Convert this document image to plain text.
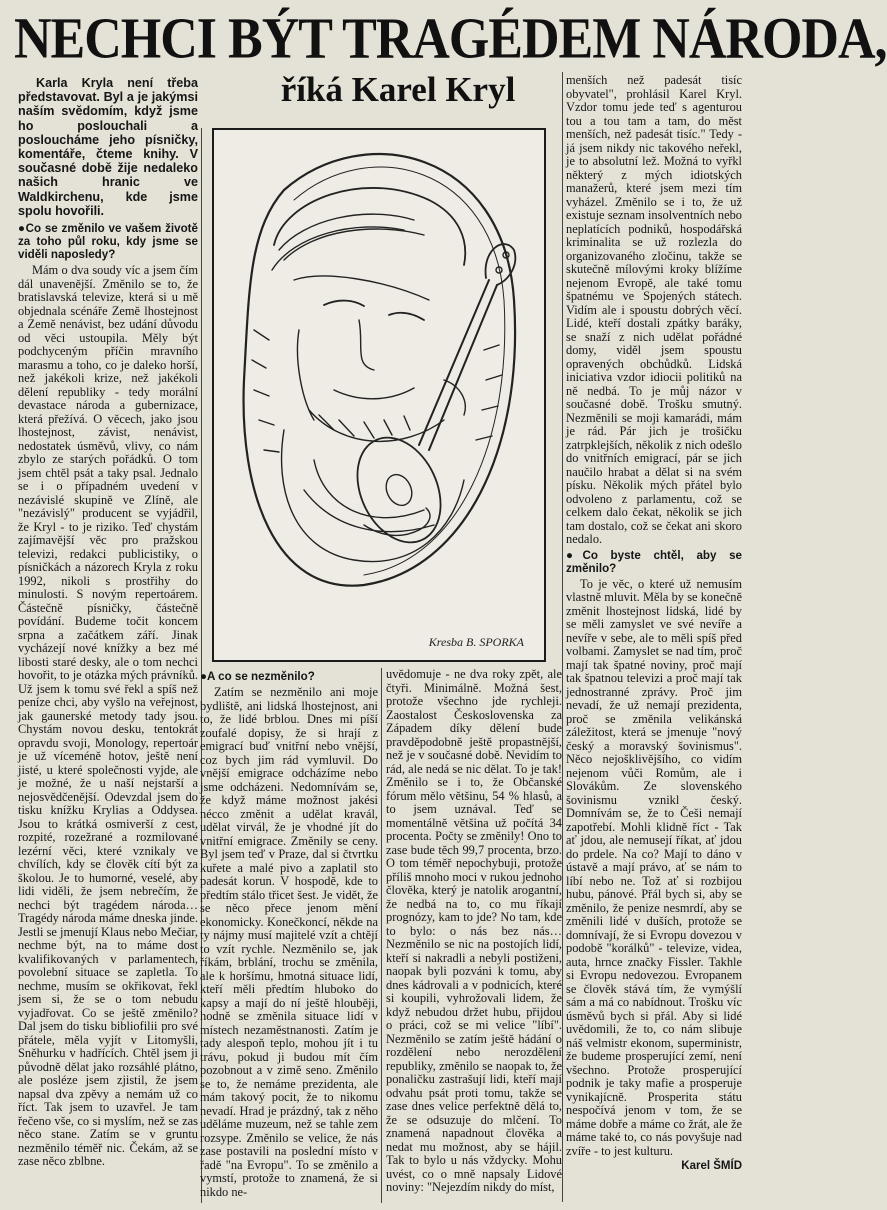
NECHCI BÝT TRAGÉDEM NÁRODA,
říká Karel Kryl

Karla Kryla není třeba představovat. Byl a je jakýmsi naším svědomím, když jsme ho poslouchali a posloucháme jeho písničky, komentáře, čteme knihy. V současné době žije nedaleko našich hranic ve Waldkirchenu, kde jsme spolu hovořili.

●Co se změnilo ve vašem životě za toho půl roku, kdy jsme se viděli naposledy?

Mám o dva soudy víc a jsem čím dál unavenější. Změnilo se to, že bratislavská televize, která si u mě objednala scénáře Země lhostejnost a Země nenávist, bez udání důvodu od věci ustoupila. Měly být podchyceným příčin mravního marasmu a toho, co je daleko horší, než jakékoli krize, než jakékoli dělení republiky - tedy morální devastace národa a gubernizace, která přežívá. O věcech, jako jsou lhostejnost, závist, nenávist, nedostatek úsměvů, vlivy, co nám zbylo ze starých pořádků. O tom jsem chtěl psát a taky psal. Jednalo se i o případném uvedení v nezávislé skupině ve Zlíně, ale "nezávislý" producent se vyjádřil, že Kryl - to je riziko. Teď chystám zajímavější věc pro pražskou televizi, redakci publicistiky, o písničkách a názorech Kryla z roku 1992, nikoli s prostřihy do minulosti. S novým repertoárem. Částečně písničky, částečně povídání. Budeme točit koncem srpna a začátkem září. Jinak vycházejí nové knížky a bez mé libosti staré desky, ale o tom nechci hovořit, to je otázka mých právníků. Už jsem k tomu své řekl a spíš než peníze chci, aby vyšlo na veřejnost, jak gaunerské metody tady jsou. Chystám novou desku, tentokrát opravdu svoji, Monology, repertoár je už víceméně hotov, ještě není jisté, u které společnosti vyjde, ale je možné, že u naší nejstarší a nejosvědčenější. Odevzdal jsem do tisku knížku Krylias a Oddysea. Jsou to krátká osmiverší z cest, rozpité, rozežrané a rozmilované lezérní věci, které vznikaly ve chvílích, kdy se člověk cítí být za školou. Je to humorné, veselé, aby lidi viděli, že jsem nebrečím, že nechci být tragédem národa… Tragédy národa máme dneska jinde. Jestli se jmenují Klaus nebo Mečiar, nechme být, na to máme dost kvalifikovaných v parlamentech, povolební situace se zapletla. To nechme, musím se okřikovat, řekl jsem si, že se o tom nebudu vyjadřovat. Co se ještě změnilo? Dal jsem do tisku bibliofilii pro své přátele, měla vyjít v Litomyšli, Sněhurku v hadřících. Chtěl jsem ji původně dělat jako rozsáhlé plátno, ale posléze jsem zjistil, že jsem napsal dva zpěvy a nemám už co říct. Tak jsem to uzavřel. Je tam řečeno vše, co si myslím, než se zas něco stane. Zatím se v gruntu nezměnilo téměř nic. Čekám, až se zase něco zblbne.

Kresba B. SPORKA

●A co se nezměnilo?

Zatím se nezměnilo ani moje bydliště, ani lidská lhostejnost, ani to, že lidé brblou. Dnes mi píší zoufalé dopisy, že si hrají z emigrací buď vnitřní nebo vnější, coz bych jim rád vymluvil. Do vnější emigrace odcházíme nebo jsme odcházeni. Nedomnívám se, že když máme možnost jakési nécco změnit a udělat kravál, udělat virvál, že je vhodné jít do vnitřní emigrace. Změnily se ceny. Byl jsem teď v Praze, dal si čtvrtku kuřete a malé pivo a zaplatil sto padesát korun. V hospodě, kde to předtím stálo třicet šest. Je vidět, že se něco přece jenom mění ekonomicky. Konečkoncí, někde na ty nájmy musí majitelé vzít a chtějí to vzít rychle. Nezměnilo se, jak říkám, brblání, trochu se změnila, ale k horšímu, hmotná situace lidí, kteří měli předtím hluboko do kapsy a mají do ní ještě hlouběji, hodně se změnila situace lidí v místech nezaměstnanosti. Zatím je tady alespoň teplo, mohou jít i tu trávu, pokud ji budou mít čím pozobnout a v zimě seno. Změnilo se to, že nemáme prezidenta, ale mám takový pocit, že to nikomu nevadí. Hrad je prázdný, tak z něho uděláme muzeum, než se tahle zem rozsype. Změnilo se velice, že nás zase postavili na poslední místo v řadě "na Evropu". To se změnilo a vymstí, protože to znamená, že si nikdo ne-

uvědomuje - ne dva roky zpět, ale čtyři. Minimálně. Možná šest, protože všechno jde rychleji. Zaostalost Československa za Západem díky dělení bude pravděpodobně ještě propastnější, než je v současné době. Nevidím to rád, ale nedá se nic dělat. To je tak! Změnilo se i to, že Občanské fórum mělo většinu, 54 % hlasů, a to jsem uznával. Teď se momentálně většina už počítá 34 procenta. Počty se změnily! Ono to zase bude těch 99,7 procenta, brzo. O tom téměř nepochybuji, protože příliš mnoho moci v rukou jednoho člověka, který je natolik arogantní, že nedbá na to, co mu říkají prognózy, kam to jde? No tam, kde to bylo: o nás bez nás… Nezměnilo se nic na postojích lidí, kteří si nakradli a nebyli postiženi, naopak byli pozváni k tomu, aby dnes kádrovali a v podnicích, které si koupili, vyhrožovali lidem, že když nebudou držet hubu, přijdou o práci, což se mi velice "líbí". Nezměnilo se zatím ještě hádání o rozdělení nebo nerozdělení republiky, změnilo se naopak to, že ponaličku zastrašují lidi, kteří mají odvahu psát proti tomu, takže se zase dnes velice perfektně dělá to, že se odsuzuje do mlčení. To znamená napadnout člověka a nedat mu možnost, aby se hájil. Tak to bylo u nás vždycky. Mohu uvést, co o mně napsaly Lidové noviny: "Nejezdím nikdy do míst,

menších než padesát tisíc obyvatel", prohlásil Karel Kryl. Vzdor tomu jede teď s agenturou tou a tou tam a tam, do měst menších, než padesát tisíc." Tedy - já jsem nikdy nic takového neřekl, je to absolutní lež. Možná to vyřkl některý z mých idiotských manažerů, které jsem mezi tím vyházel. Změnilo se i to, že už existuje seznam insolventních nebo neplatících podniků, hospodářská kriminalita se už rozlezla do organizovaného zločinu, takže se skutečně mílovými kroky blížíme nejenom Evropě, ale také tomu špatnému ve Spojených státech. Vidím ale i spoustu dobrých věcí. Lidé, kteří dostali zpátky baráky, se snaží z nich udělat pořádné domy, viděl jsem spoustu opravených obchůdků. Lidská iniciativa vzdor idiocii politiků na ně nedbá. To je můj názor v současné době. Trošku smutný. Nezměnili se moji kamarádi, mám je rád. Pár jich je trošičku zatrpklejších, několik z nich odešlo do vnitřních emigrací, pár se jich naučilo hrabat a dělat si na svém písku. Několik mých přátel bylo odvoleno z parlamentu, což se celkem dalo čekat, několik se jich tam dostalo, což se čekat ani skoro nedalo.

●Co byste chtěl, aby se změnilo?

To je věc, o které už nemusím vlastně mluvit. Měla by se konečně změnit lhostejnost lidská, lidé by se měli zamyslet ve své nevíře a nevíře v sebe, ale to měli spíš před volbami. Zamyslet se nad tím, proč mají tak špatné noviny, proč mají tak špatnou televizi a proč mají tak jednostranné zprávy. Proč jim nevadí, že už nemají prezidenta, proč se změnila velikánská záležitost, která se jmenuje "nový český a moravský šovinismus". Něco nejošklivějšího, co vidím nejenom vůči Romům, ale i Slovákům. Ze slovenského šovinismu vznikl český. Domnívám se, že to Češi nemají zapotřebí. Mohli klidně říct - Tak ať jdou, ale nemusejí říkat, ať jdou do prdele. Na co? Mají to dáno v ústavě a mají právo, ať se nám to líbí nebo ne. Tož ať si rozbijou hubu, pánové. Přál bych si, aby se změnilo, že penize nesmrdí, aby se změnili lidé v duších, protože se domnívají, že si Evropu dovezou v podobě "korálků" - televize, videa, auta, hrnce značky Fissler. Takhle si Evropu nedovezou. Evropanem se člověk stává tím, že vymýšlí sám a má co nabídnout. Trošku víc úsměvů bych si přál. Aby si lidé uvědomili, že to, co nám slibuje náš velmistr ekonom, superministr, že budeme prosperující zemí, není všechno. Protože prosperující podnik je taky mafie a prosperuje vynikajícně. Prosperita státu nespočívá jenom v tom, že se máme dobře a máme co žrát, ale že máme také to, co nás povyšuje nad zvíře - to jest kulturu.

Karel ŠMÍD
